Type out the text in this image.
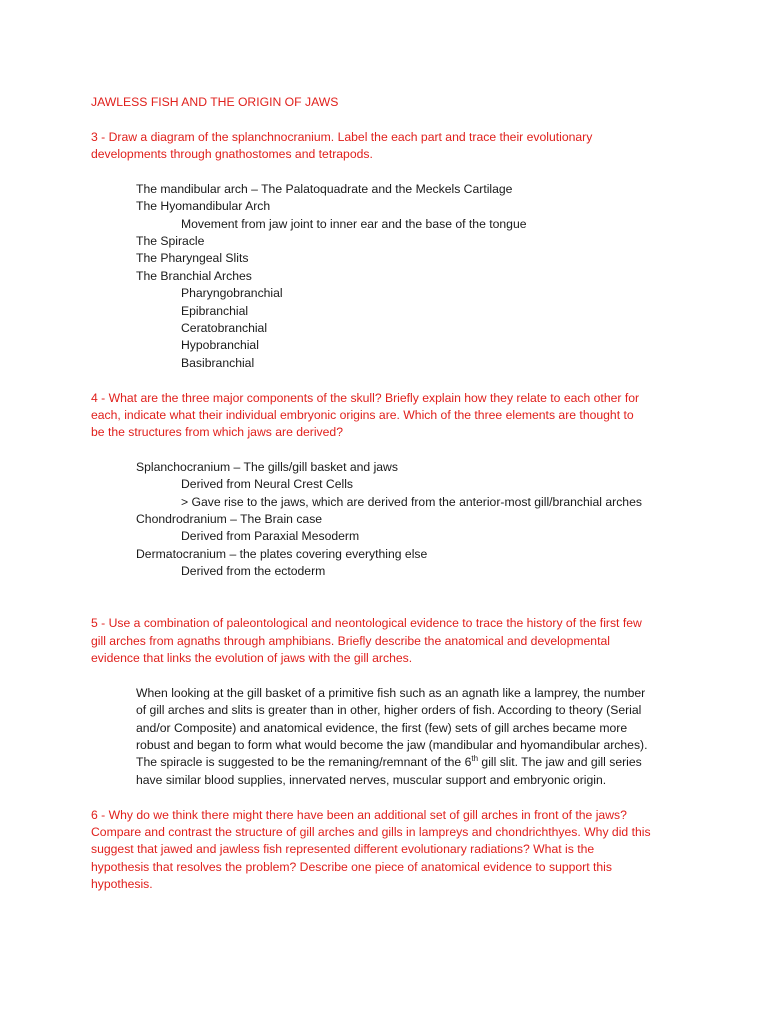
JAWLESS FISH AND THE ORIGIN OF JAWS
3 - Draw a diagram of the splanchnocranium. Label the each part and trace their evolutionary
developments through gnathostomes and tetrapods.
The mandibular arch – The Palatoquadrate and the Meckels Cartilage
The Hyomandibular Arch
Movement from jaw joint to inner ear and the base of the tongue
The Spiracle
The Pharyngeal Slits
The Branchial Arches
Pharyngobranchial
Epibranchial
Ceratobranchial
Hypobranchial
Basibranchial
4 - What are the three major components of the skull? Briefly explain how they relate to each other for
each, indicate what their individual embryonic origins are. Which of the three elements are thought to
be the structures from which jaws are derived?
Splanchocranium – The gills/gill basket and jaws
Derived from Neural Crest Cells
> Gave rise to the jaws, which are derived from the anterior-most gill/branchial arches
Chondrodranium – The Brain case
Derived from Paraxial Mesoderm
Dermatocranium – the plates covering everything else
Derived from the ectoderm
5 - Use a combination of paleontological and neontological evidence to trace the history of the first few
gill arches from agnaths through amphibians. Briefly describe the anatomical and developmental
evidence that links the evolution of jaws with the gill arches.
When looking at the gill basket of a primitive fish such as an agnath like a lamprey, the number
of gill arches and slits is greater than in other, higher orders of fish. According to theory (Serial
and/or Composite) and anatomical evidence, the first (few) sets of gill arches became more
robust and began to form what would become the jaw (mandibular and hyomandibular arches).
The spiracle is suggested to be the remaning/remnant of the 6th gill slit. The jaw and gill series
have similar blood supplies, innervated nerves, muscular support and embryonic origin.
6 - Why do we think there might there have been an additional set of gill arches in front of the jaws?
Compare and contrast the structure of gill arches and gills in lampreys and chondrichthyes. Why did this
suggest that jawed and jawless fish represented different evolutionary radiations? What is the
hypothesis that resolves the problem? Describe one piece of anatomical evidence to support this
hypothesis.
